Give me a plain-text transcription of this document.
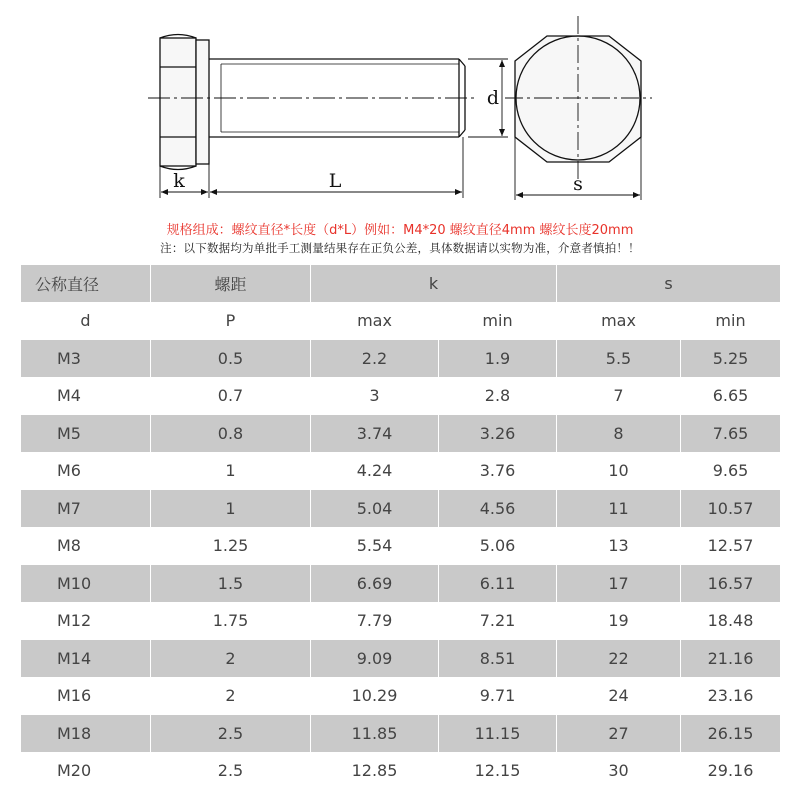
k	L
d
s
规格组成：螺纹直径*长度（d*L）例如：M4*20 螺纹直径4mm 螺纹长度20mm
注：以下数据均为单批手工测量结果存在正负公差，具体数据请以实物为准，介意者慎拍！！
公称直径	螺距	k		s	
d	P	max	min	max	min
M3	0.5	2.2	1.9	5.5	5.25
M4	0.7	3	2.8	7	6.65
M5	0.8	3.74	3.26	8	7.65
M6	1	4.24	3.76	10	9.65
M7	1	5.04	4.56	11	10.57
M8	1.25	5.54	5.06	13	12.57
M10	1.5	6.69	6.11	17	16.57
M12	1.75	7.79	7.21	19	18.48
M14	2	9.09	8.51	22	21.16
M16	2	10.29	9.71	24	23.16
M18	2.5	11.85	11.15	27	26.15
M20	2.5	12.85	12.15	30	29.16
